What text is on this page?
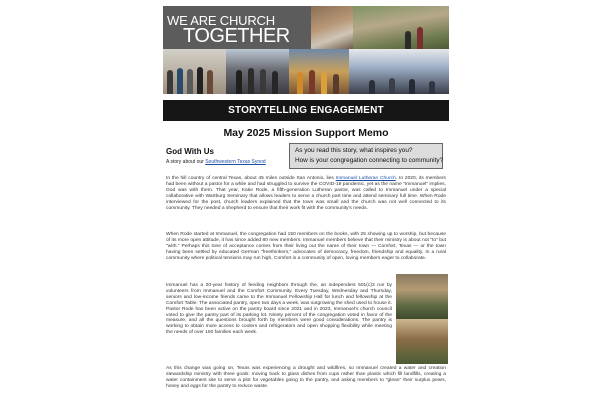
WE ARE CHURCH
TOGETHER
STORYTELLING ENGAGEMENT
May 2025 Mission Support Memo
God With Us
A story about our Southwestern Texas Synod
As you read this story, what inspires you?
How is your congregation connecting to community?
In the hill country of central Texas, about 45 miles outside San Antonio, lies Immanuel Lutheran Church. In 2020, its members had been without a pastor for a while and had struggled to survive the COVID-19 pandemic, yet as the name "Immanuel" implies, God was with them. That year, Katie Rode, a fifth-generation Lutheran pastor, was called to Immanuel under a special collaborative with Wartburg Seminary that allows leaders to serve a church part time and attend seminary full time. When Rode interviewed for the post, church leaders explained that the town was small and the church was not well connected to its community. They needed a shepherd to ensure that their work fit with the community's needs.
When Rode started at Immanuel, the congregation had 150 members on the books, with 25 showing up to worship, but because of its more open attitude, it has since added 80 new members. Immanuel members believe that their ministry is about not "to" but "with." Perhaps this tone of acceptance comes from their living out the name of their town — Comfort, Texas — or the town having been settled by educated German "freethinkers," advocates of democracy, freedom, friendship and equality. In a rural community where political tensions may run high, Comfort is a community of open, loving members eager to collaborate.
Immanuel has a 20-year history of feeding neighbors through the, an independent 501(c)3 run by volunteers from Immanuel and the Comfort Community. Every Tuesday, Wednesday and Thursday, seniors and low-income friends came to the Immanuel Fellowship Hall for lunch and fellowship at the Comfort Table. The associated pantry, open two days a week, was outgrowing the shed used to house it. Pastor Rode has been active on the pantry board since 2021 and in 2023, Immanuel's church council voted to give the pantry part of its parking lot. Ninety percent of the congregation voted in favor of the measure, and all the questions brought forth by members were good considerations. The pantry is working to obtain more access to coolers and refrigerators and open shopping flexibility while meeting the needs of over 150 families each week.
As this change was going on, Texas was experiencing a drought and wildfires, so Immanuel created a water and creation stewardship ministry with three goals: moving back to glass dishes from cups rather than plastic which fill landfills, creating a water containment site to serve a plot for vegetables going to the pantry, and asking members to "glean" their surplus pears, honey and eggs for the pantry to reduce waste.
